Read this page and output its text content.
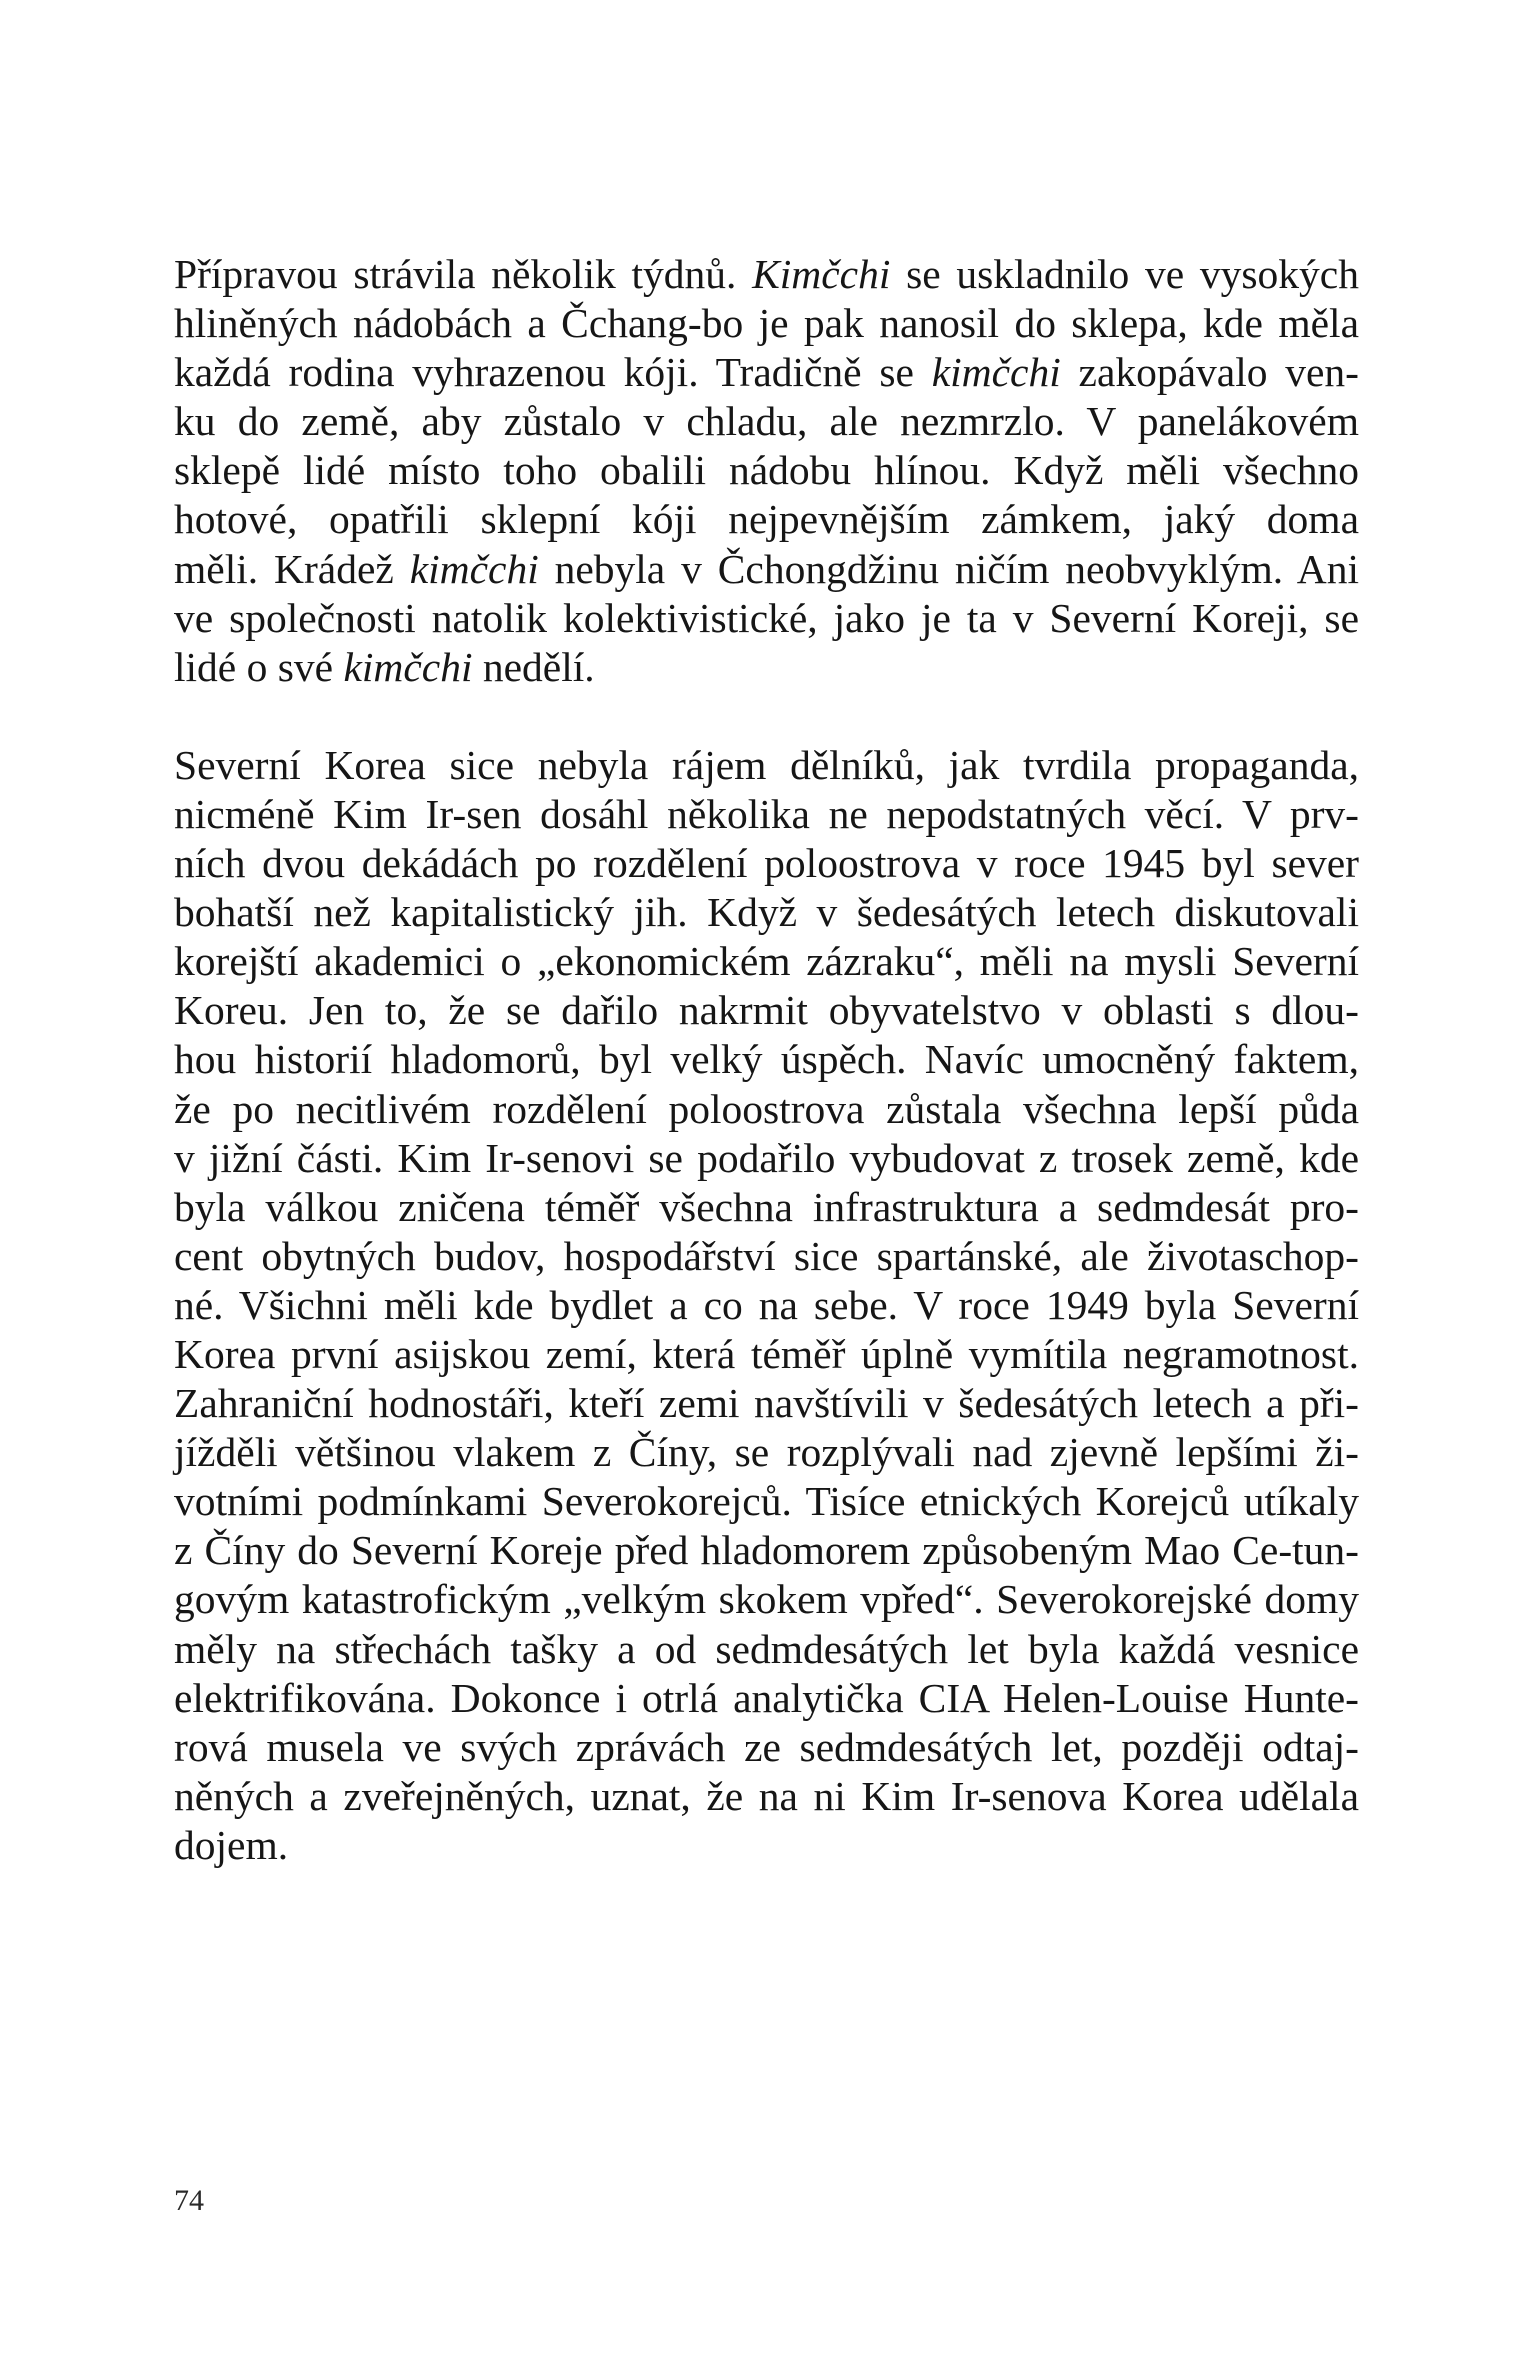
Přípravou strávila několik týdnů. Kimčchi se uskladnilo ve vysokých
hliněných nádobách a Čchang-bo je pak nanosil do sklepa, kde měla
každá rodina vyhrazenou kóji. Tradičně se kimčchi zakopávalo ven-
ku do země, aby zůstalo v chladu, ale nezmrzlo. V panelákovém
sklepě lidé místo toho obalili nádobu hlínou. Když měli všechno
hotové, opatřili sklepní kóji nejpevnějším zámkem, jaký doma
měli. Krádež kimčchi nebyla v Čchongdžinu ničím neobvyklým. Ani
ve společnosti natolik kolektivistické, jako je ta v Severní Koreji, se
lidé o své kimčchi nedělí.

Severní Korea sice nebyla rájem dělníků, jak tvrdila propaganda,
nicméně Kim Ir-sen dosáhl několika ne nepodstatných věcí. V prv-
ních dvou dekádách po rozdělení poloostrova v roce 1945 byl sever
bohatší než kapitalistický jih. Když v šedesátých letech diskutovali
korejští akademici o „ekonomickém zázraku“, měli na mysli Severní
Koreu. Jen to, že se dařilo nakrmit obyvatelstvo v oblasti s dlou-
hou historií hladomorů, byl velký úspěch. Navíc umocněný faktem,
že po necitlivém rozdělení poloostrova zůstala všechna lepší půda
v jižní části. Kim Ir-senovi se podařilo vybudovat z trosek země, kde
byla válkou zničena téměř všechna infrastruktura a sedmdesát pro-
cent obytných budov, hospodářství sice spartánské, ale životaschop-
né. Všichni měli kde bydlet a co na sebe. V roce 1949 byla Severní
Korea první asijskou zemí, která téměř úplně vymítila negramotnost.
Zahraniční hodnostáři, kteří zemi navštívili v šedesátých letech a při-
jížděli většinou vlakem z Číny, se rozplývali nad zjevně lepšími ži-
votními podmínkami Severokorejců. Tisíce etnických Korejců utíkaly
z Číny do Severní Koreje před hladomorem způsobeným Mao Ce-tun-
govým katastrofickým „velkým skokem vpřed“. Severokorejské domy
měly na střechách tašky a od sedmdesátých let byla každá vesnice
elektrifikována. Dokonce i otrlá analytička CIA Helen-Louise Hunte-
rová musela ve svých zprávách ze sedmdesátých let, později odtaj-
něných a zveřejněných, uznat, že na ni Kim Ir-senova Korea udělala
dojem.

74
